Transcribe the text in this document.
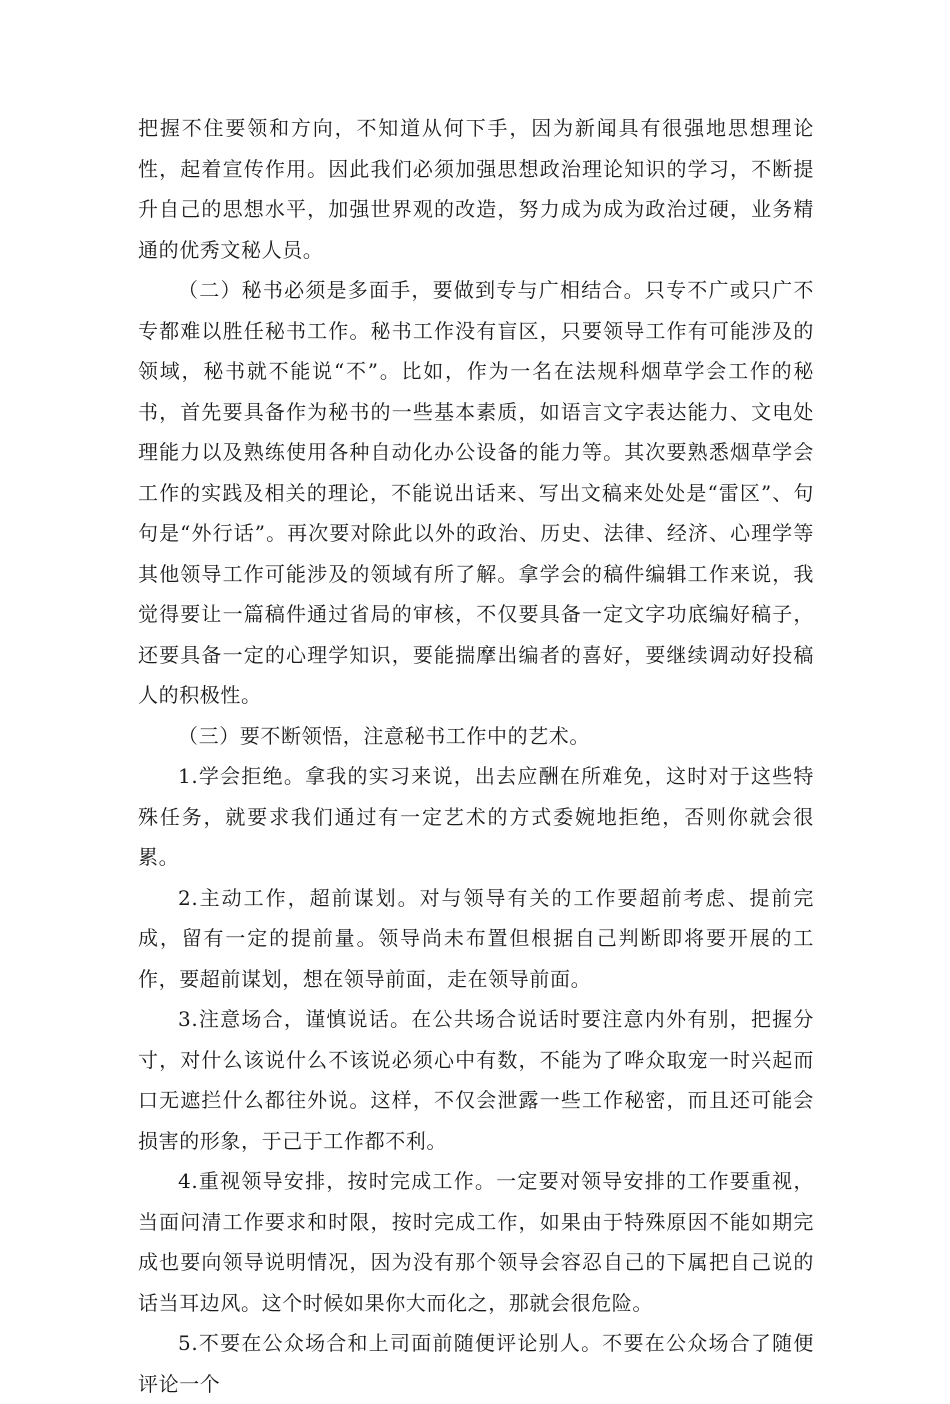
把握不住要领和方向，不知道从何下手，因为新闻具有很强地思想理论性，起着宣传作用。因此我们必须加强思想政治理论知识的学习，不断提升自己的思想水平，加强世界观的改造，努力成为成为政治过硬，业务精通的优秀文秘人员。

（二）秘书必须是多面手，要做到专与广相结合。只专不广或只广不专都难以胜任秘书工作。秘书工作没有盲区，只要领导工作有可能涉及的领域，秘书就不能说“不”。比如，作为一名在法规科烟草学会工作的秘书，首先要具备作为秘书的一些基本素质，如语言文字表达能力、文电处理能力以及熟练使用各种自动化办公设备的能力等。其次要熟悉烟草学会工作的实践及相关的理论，不能说出话来、写出文稿来处处是“雷区”、句句是“外行话”。再次要对除此以外的政治、历史、法律、经济、心理学等其他领导工作可能涉及的领域有所了解。拿学会的稿件编辑工作来说，我觉得要让一篇稿件通过省局的审核，不仅要具备一定文字功底编好稿子，还要具备一定的心理学知识，要能揣摩出编者的喜好，要继续调动好投稿人的积极性。

（三）要不断领悟，注意秘书工作中的艺术。

1.学会拒绝。拿我的实习来说，出去应酬在所难免，这时对于这些特殊任务，就要求我们通过有一定艺术的方式委婉地拒绝，否则你就会很累。

2.主动工作，超前谋划。对与领导有关的工作要超前考虑、提前完成，留有一定的提前量。领导尚未布置但根据自己判断即将要开展的工作，要超前谋划，想在领导前面，走在领导前面。

3.注意场合，谨慎说话。在公共场合说话时要注意内外有别，把握分寸，对什么该说什么不该说必须心中有数，不能为了哗众取宠一时兴起而口无遮拦什么都往外说。这样，不仅会泄露一些工作秘密，而且还可能会损害的形象，于己于工作都不利。

4.重视领导安排，按时完成工作。一定要对领导安排的工作要重视，当面问清工作要求和时限，按时完成工作，如果由于特殊原因不能如期完成也要向领导说明情况，因为没有那个领导会容忍自己的下属把自己说的话当耳边风。这个时候如果你大而化之，那就会很危险。

5.不要在公众场合和上司面前随便评论别人。不要在公众场合了随便评论一个
